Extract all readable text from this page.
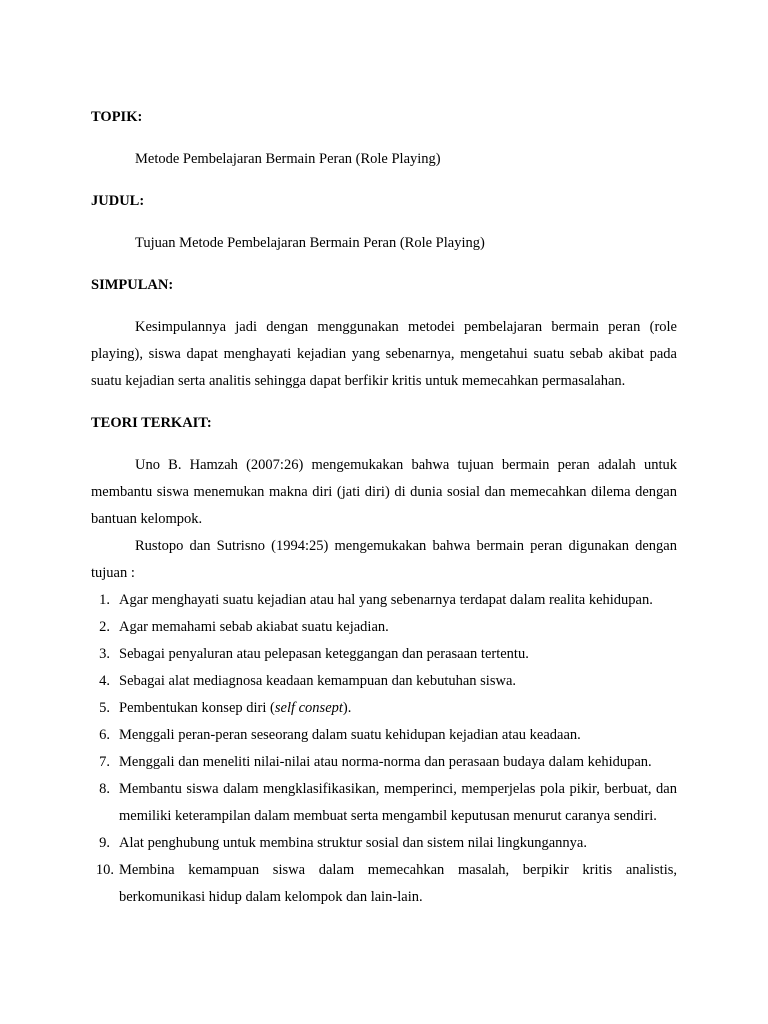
TOPIK:

Metode Pembelajaran Bermain Peran (Role Playing)

JUDUL:

Tujuan Metode Pembelajaran Bermain Peran (Role Playing)

SIMPULAN:

Kesimpulannya jadi dengan menggunakan metodei pembelajaran bermain peran (role playing), siswa dapat menghayati kejadian yang sebenarnya, mengetahui suatu sebab akibat pada suatu kejadian serta analitis sehingga dapat berfikir kritis untuk memecahkan permasalahan.

TEORI TERKAIT:

Uno B. Hamzah (2007:26) mengemukakan bahwa tujuan bermain peran adalah untuk membantu siswa menemukan makna diri (jati diri) di dunia sosial dan memecahkan dilema dengan bantuan kelompok.

Rustopo dan Sutrisno (1994:25) mengemukakan bahwa bermain peran digunakan dengan tujuan :

1. Agar menghayati suatu kejadian atau hal yang sebenarnya terdapat dalam realita kehidupan.
2. Agar memahami sebab akiabat suatu kejadian.
3. Sebagai penyaluran atau pelepasan keteggangan dan perasaan tertentu.
4. Sebagai alat mediagnosa keadaan kemampuan dan kebutuhan siswa.
5. Pembentukan konsep diri (self consept).
6. Menggali peran-peran seseorang dalam suatu kehidupan kejadian atau keadaan.
7. Menggali dan meneliti nilai-nilai atau norma-norma dan perasaan budaya dalam kehidupan.
8. Membantu siswa dalam mengklasifikasikan, memperinci, memperjelas pola pikir, berbuat, dan memiliki keterampilan dalam membuat serta mengambil keputusan menurut caranya sendiri.
9. Alat penghubung untuk membina struktur sosial dan sistem nilai lingkungannya.
10. Membina kemampuan siswa dalam memecahkan masalah, berpikir kritis analistis, berkomunikasi hidup dalam kelompok dan lain-lain.
